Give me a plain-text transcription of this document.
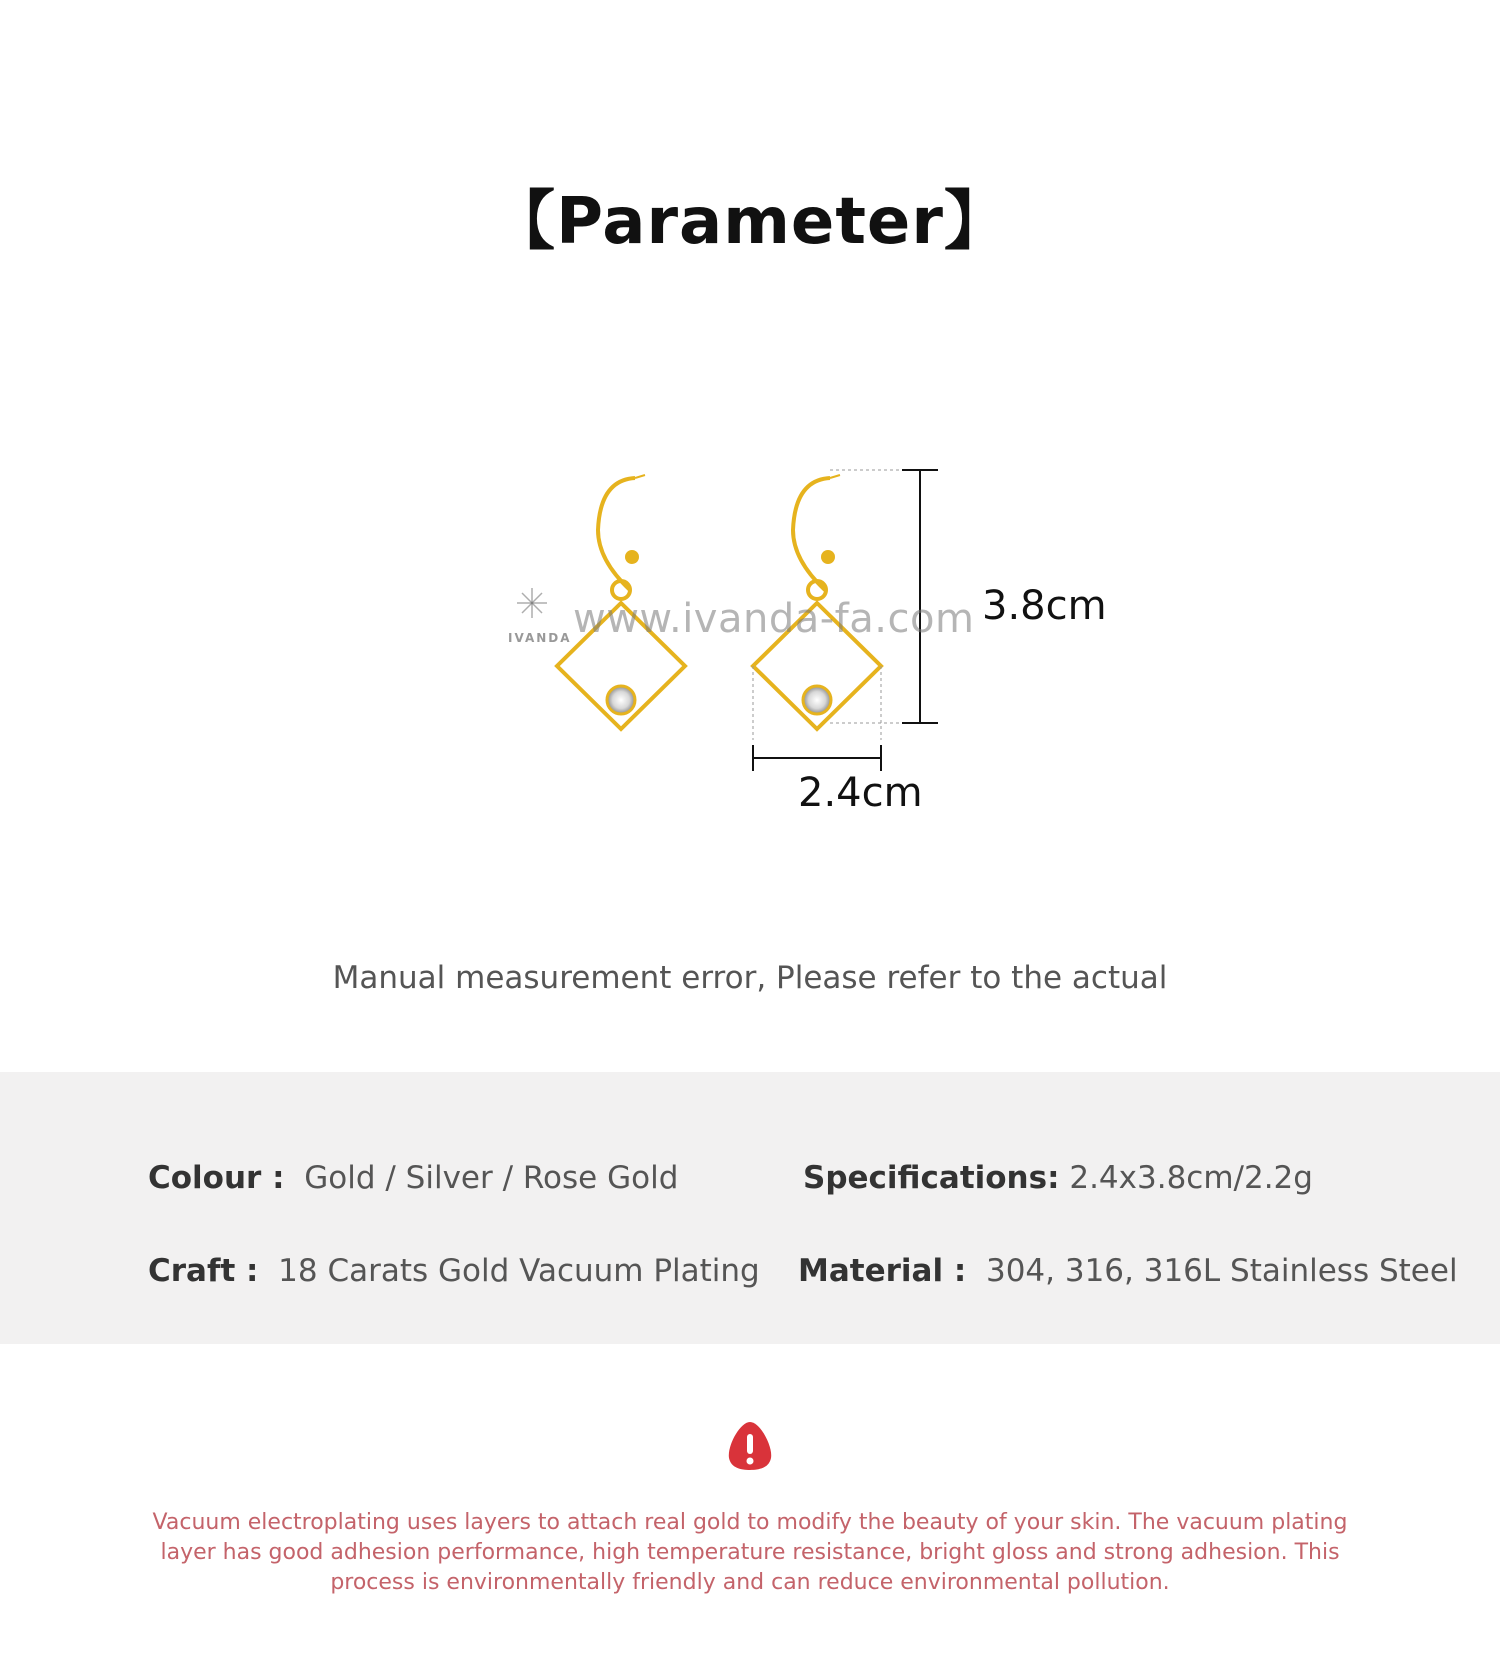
【Parameter】
www.ivanda-fa.com
IVANDA
3.8cm
2.4cm
Manual measurement error, Please refer to the actual
Colour : Gold / Silver / Rose Gold	Specifications: 2.4x3.8cm/2.2g
Craft : 18 Carats Gold Vacuum Plating Material : 304, 316, 316L Stainless Steel
Vacuum electroplating uses layers to attach real gold to modify the beauty of your skin. The vacuum plating layer has good adhesion performance, high temperature resistance, bright gloss and strong adhesion. This process is environmentally friendly and can reduce environmental pollution.
